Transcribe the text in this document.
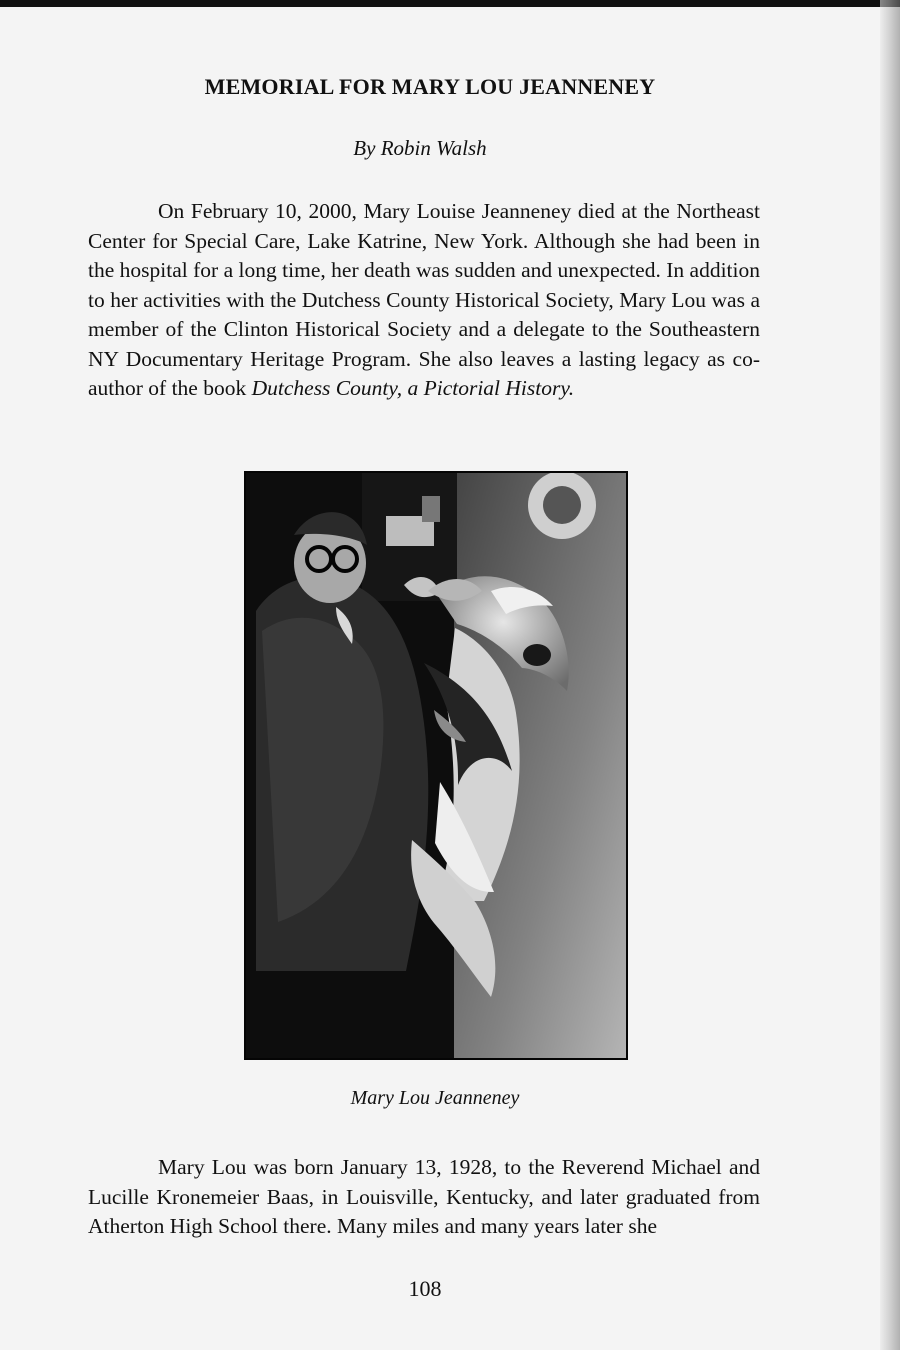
MEMORIAL FOR MARY LOU JEANNENEY
By Robin Walsh

On February 10, 2000, Mary Louise Jeanneney died at the Northeast Center for Special Care, Lake Katrine, New York. Although she had been in the hospital for a long time, her death was sudden and unexpected. In addition to her activities with the Dutchess County Historical Society, Mary Lou was a member of the Clinton Historical Society and a delegate to the Southeastern NY Documentary Heritage Program. She also leaves a lasting legacy as co-author of the book Dutchess County, a Pictorial History.

Mary Lou Jeanneney

Mary Lou was born January 13, 1928, to the Reverend Michael and Lucille Kronemeier Baas, in Louisville, Kentucky, and later graduated from Atherton High School there. Many miles and many years later she

108
